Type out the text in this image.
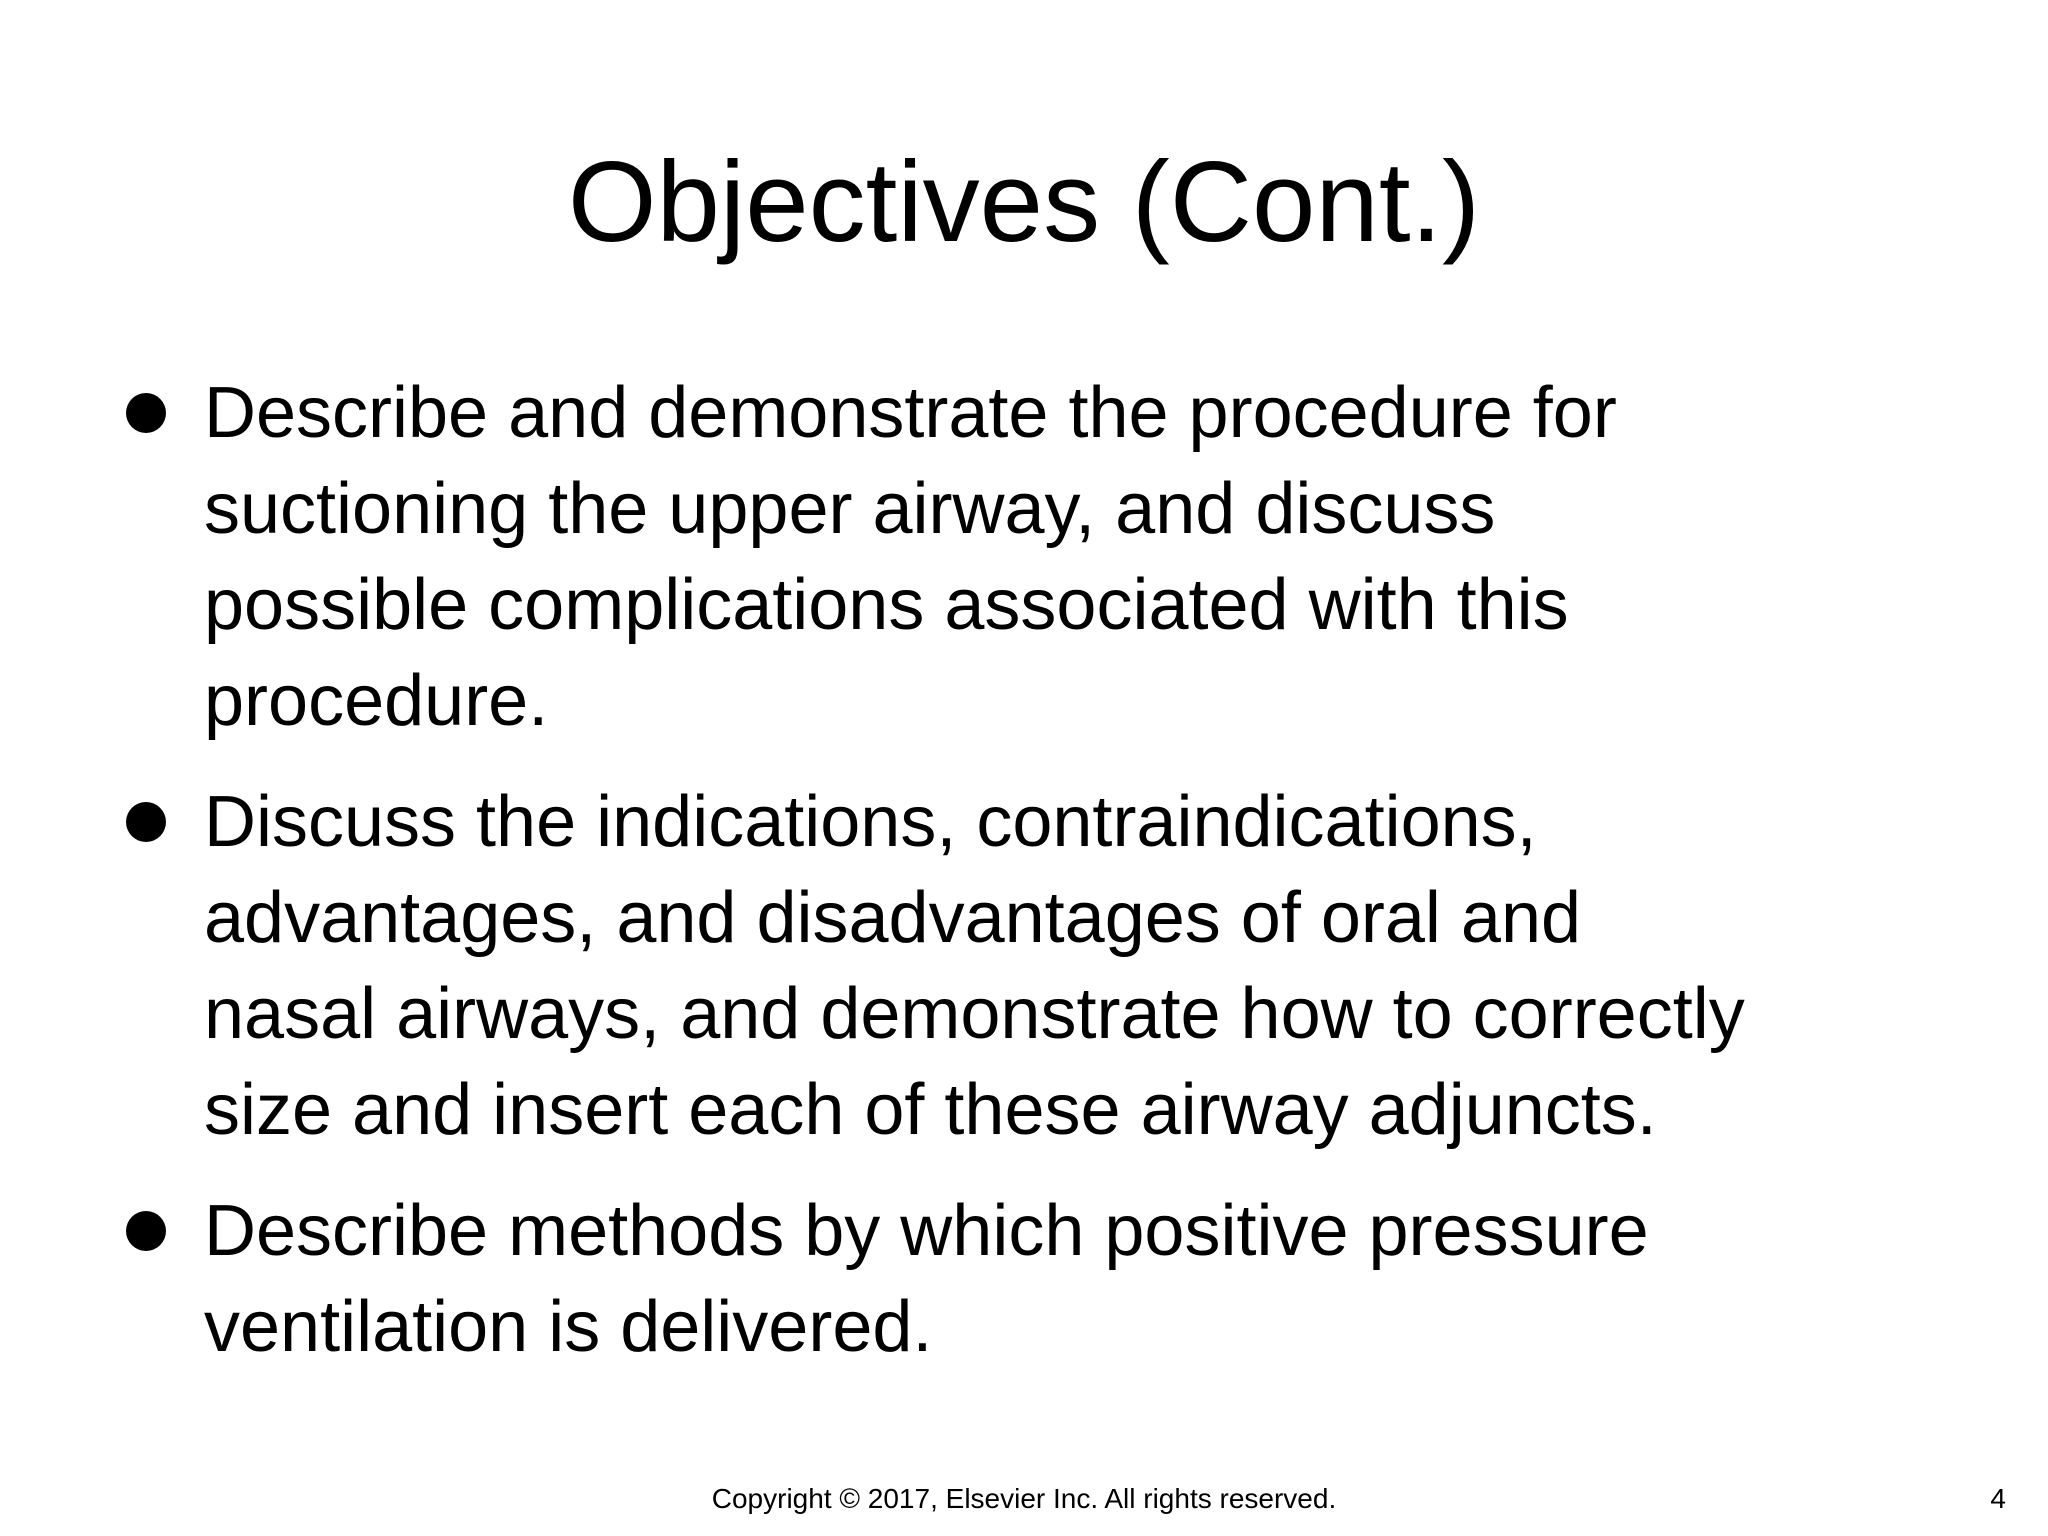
Objectives (Cont.)
Describe and demonstrate the procedure for
suctioning the upper airway, and discuss
possible complications associated with this
procedure.
Discuss the indications, contraindications,
advantages, and disadvantages of oral and
nasal airways, and demonstrate how to correctly
size and insert each of these airway adjuncts.
Describe methods by which positive pressure
ventilation is delivered.
Copyright © 2017, Elsevier Inc. All rights reserved.	4
